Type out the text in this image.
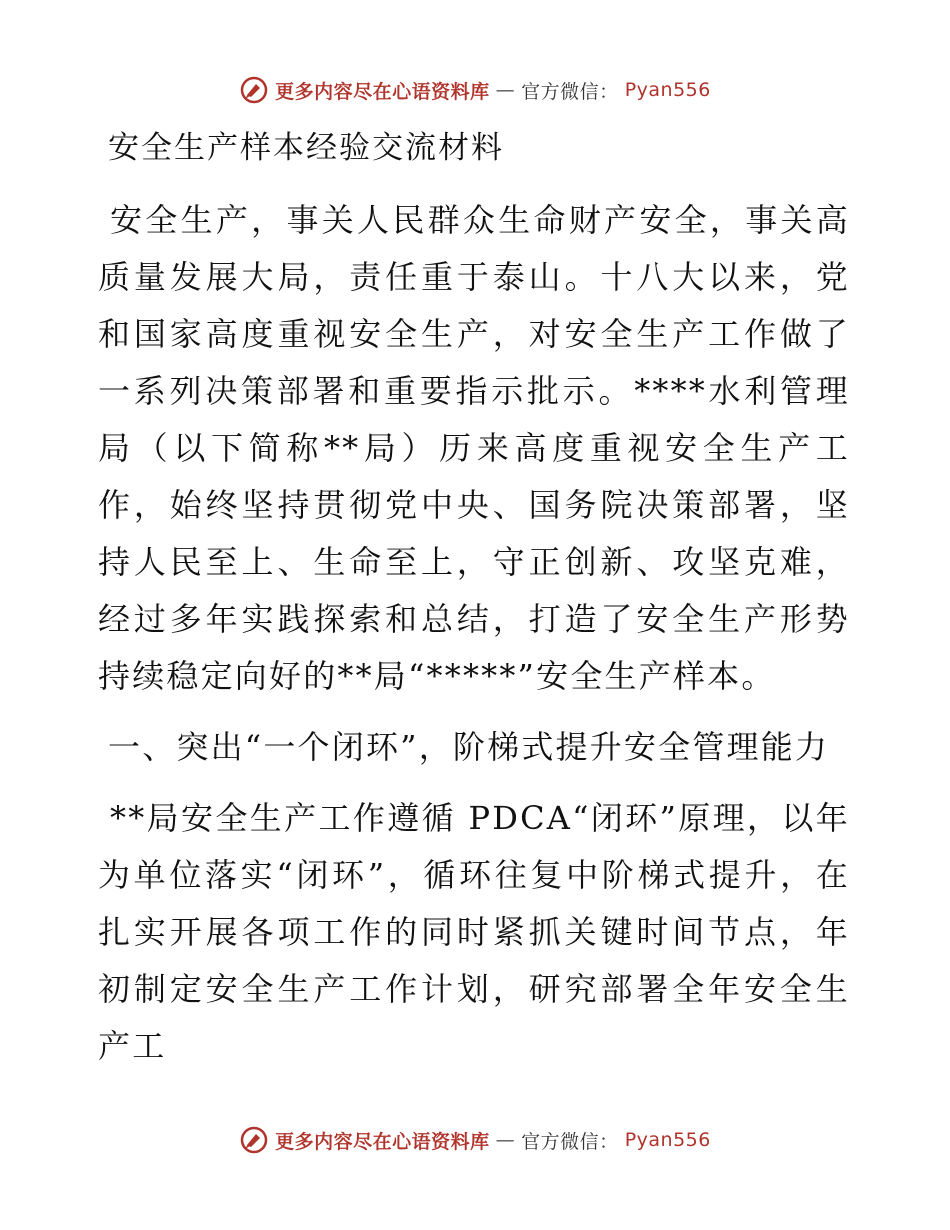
更多内容尽在心语资料库 — 官方微信： Pyan556
安全生产样本经验交流材料

安全生产，事关人民群众生命财产安全，事关高质量发展大局，责任重于泰山。十八大以来，党和国家高度重视安全生产，对安全生产工作做了一系列决策部署和重要指示批示。****水利管理局（以下简称**局）历来高度重视安全生产工作，始终坚持贯彻党中央、国务院决策部署，坚持人民至上、生命至上，守正创新、攻坚克难，经过多年实践探索和总结，打造了安全生产形势持续稳定向好的**局“*****”安全生产样本。

一、突出“一个闭环”，阶梯式提升安全管理能力

**局安全生产工作遵循 PDCA“闭环”原理，以年为单位落实“闭环”，循环往复中阶梯式提升，在扎实开展各项工作的同时紧抓关键时间节点，年初制定安全生产工作计划，研究部署全年安全生产工

更多内容尽在心语资料库 — 官方微信： Pyan556
